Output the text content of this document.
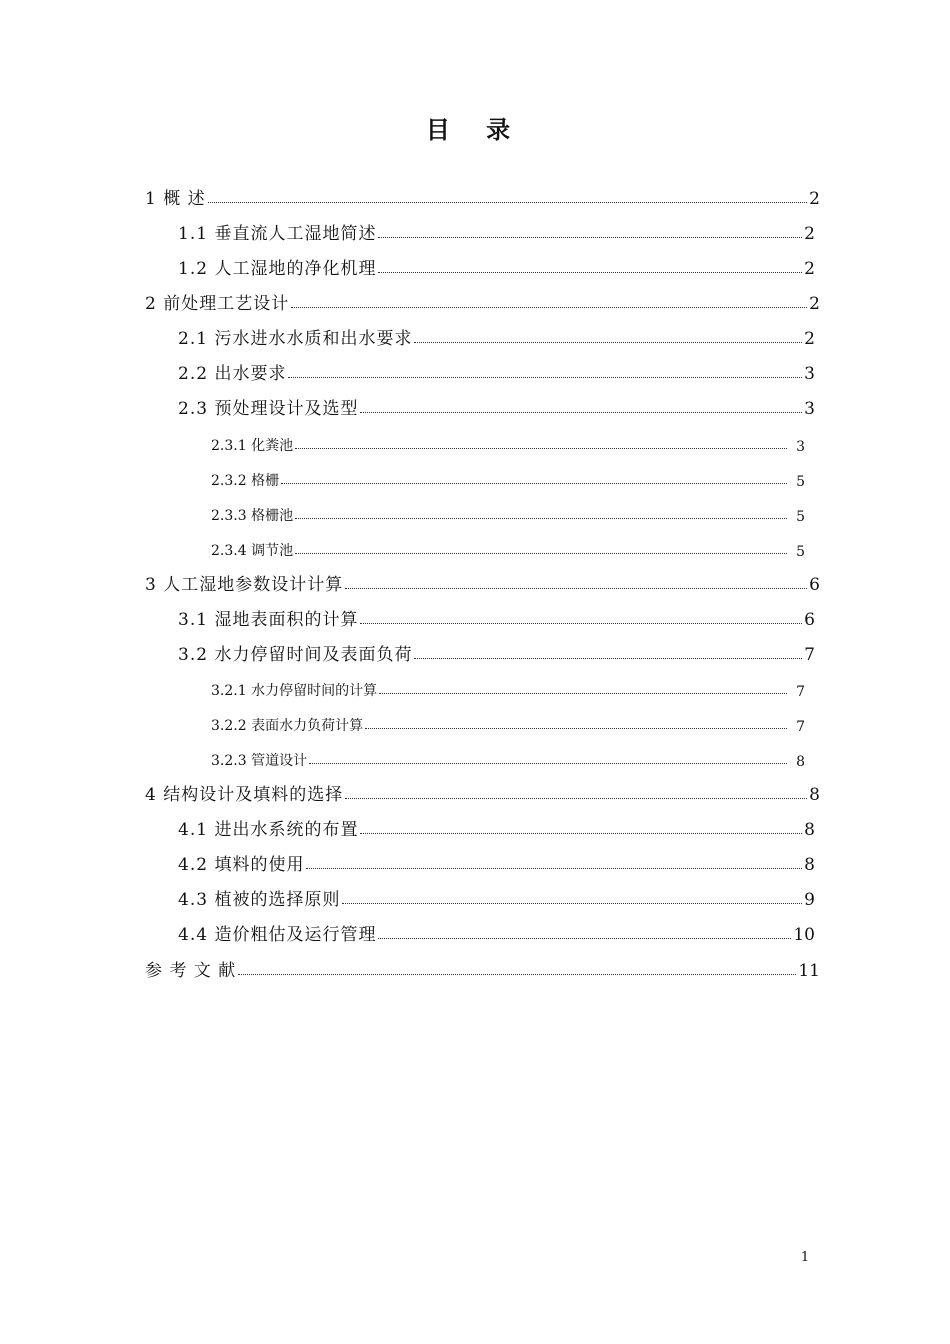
目 录
1 概 述	2
1.1 垂直流人工湿地简述	2
1.2 人工湿地的净化机理	2
2 前处理工艺设计	2
2.1 污水进水水质和出水要求	2
2.2 出水要求	3
2.3 预处理设计及选型	3
2.3.1 化粪池	3
2.3.2 格栅	5
2.3.3 格栅池	5
2.3.4 调节池	5
3 人工湿地参数设计计算	6
3.1 湿地表面积的计算	6
3.2 水力停留时间及表面负荷	7
3.2.1 水力停留时间的计算	7
3.2.2 表面水力负荷计算	7
3.2.3 管道设计	8
4 结构设计及填料的选择	8
4.1 进出水系统的布置	8
4.2 填料的使用	8
4.3 植被的选择原则	9
4.4 造价粗估及运行管理	10
参 考 文 献	11
1
